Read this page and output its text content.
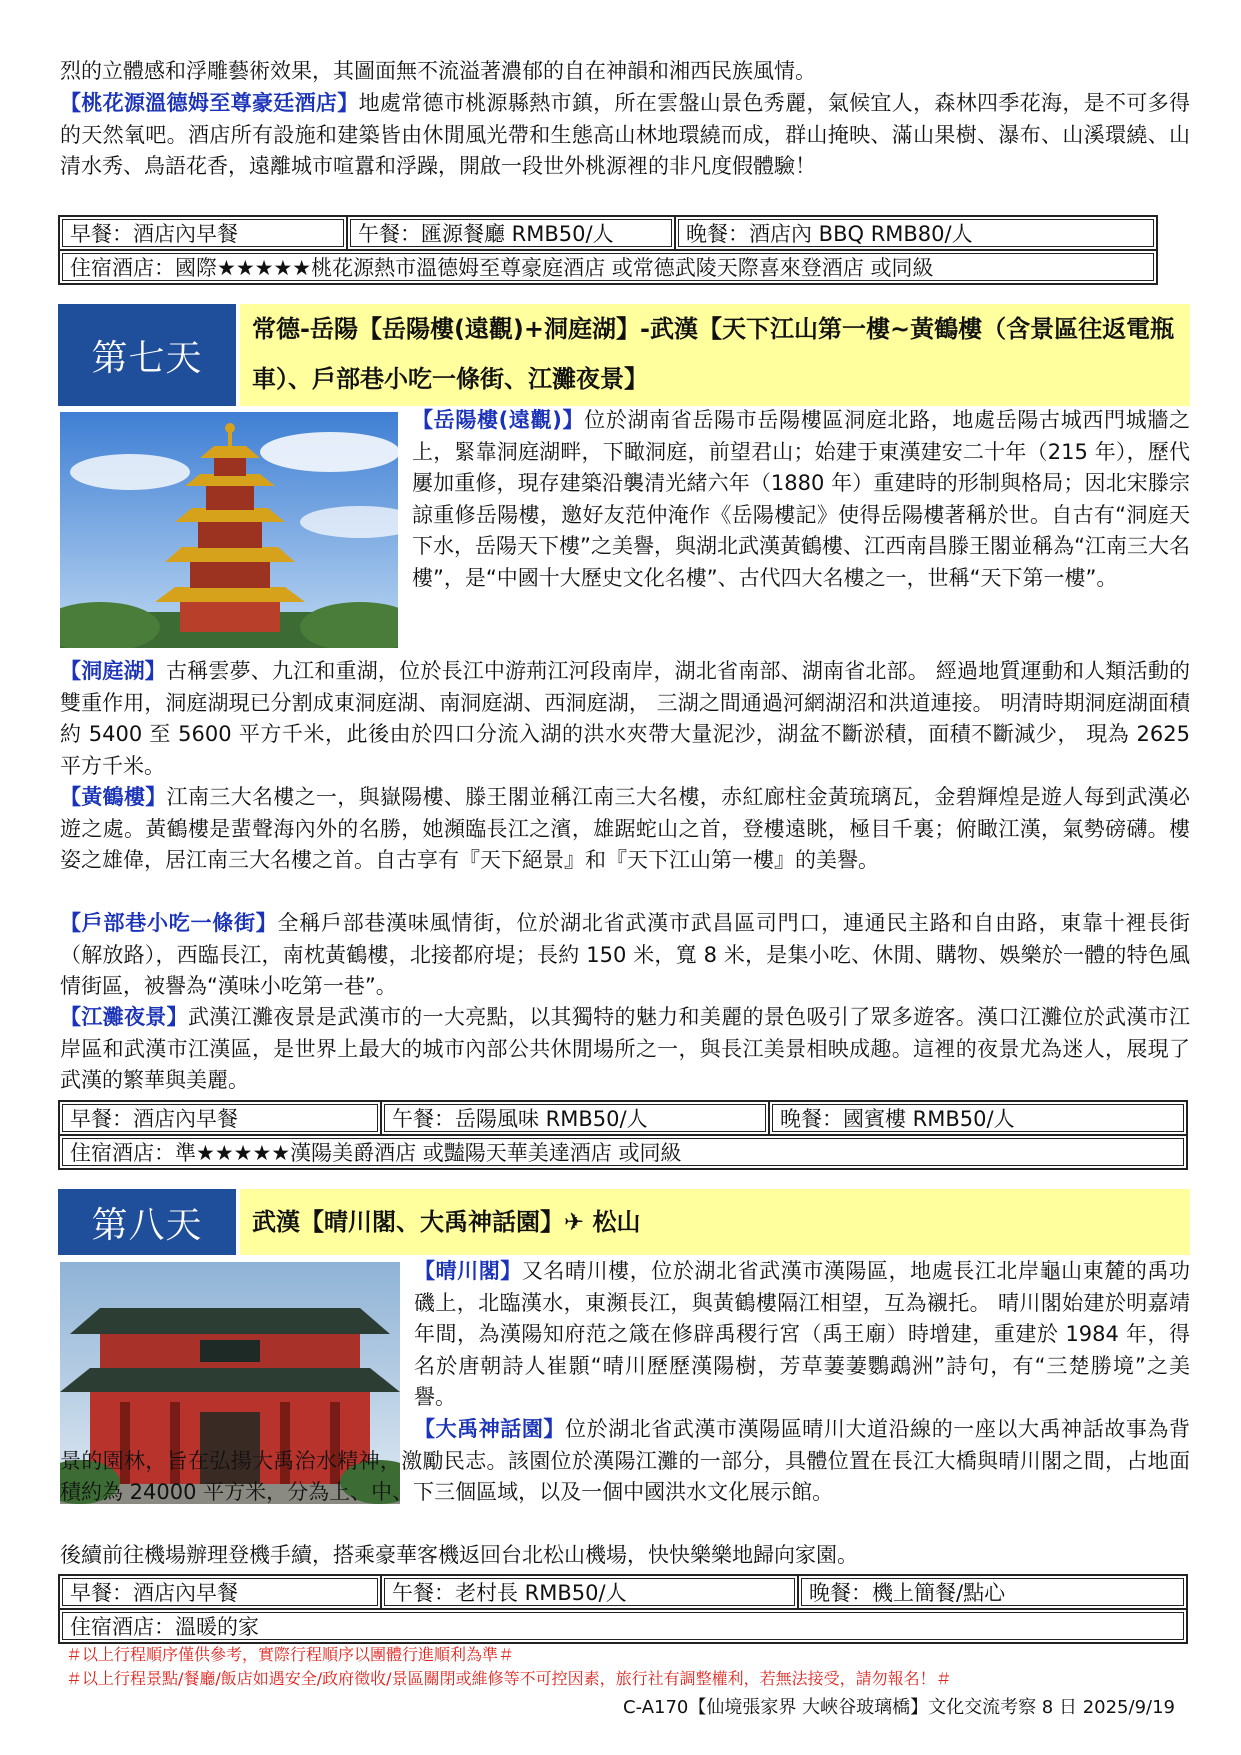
烈的立體感和浮雕藝術效果，其圖面無不流溢著濃郁的自在神韻和湘西民族風情。

【桃花源溫德姆至尊豪廷酒店】地處常德市桃源縣熱市鎮，所在雲盤山景色秀麗，氣候宜人，森林四季花海，是不可多得的天然氧吧。酒店所有設施和建築皆由休閒風光帶和生態高山林地環繞而成，群山掩映、滿山果樹、瀑布、山溪環繞、山清水秀、鳥語花香，遠離城市喧囂和浮躁，開啟一段世外桃源裡的非凡度假體驗！

早餐：酒店內早餐	午餐：匯源餐廳 RMB50/人	晚餐：酒店內 BBQ RMB80/人
住宿酒店：國際★★★★★桃花源熱市溫德姆至尊豪庭酒店 或常德武陵天際喜來登酒店 或同級
第七天
常德-岳陽【岳陽樓(遠觀)+洞庭湖】-武漢【天下江山第一樓~黃鶴樓（含景區往返電瓶車）、戶部巷小吃一條街、江灘夜景】

【岳陽樓(遠觀)】位於湖南省岳陽市岳陽樓區洞庭北路，地處岳陽古城西門城牆之上，緊靠洞庭湖畔，下瞰洞庭，前望君山；始建于東漢建安二十年（215 年），歷代屢加重修，現存建築沿襲清光緒六年（1880 年）重建時的形制與格局；因北宋滕宗諒重修岳陽樓，邀好友范仲淹作《岳陽樓記》使得岳陽樓著稱於世。自古有“洞庭天下水，岳陽天下樓”之美譽，與湖北武漢黃鶴樓、江西南昌滕王閣並稱為“江南三大名樓”，是“中國十大歷史文化名樓”、古代四大名樓之一，世稱“天下第一樓”。

【洞庭湖】古稱雲夢、九江和重湖，位於長江中游荊江河段南岸，湖北省南部、湖南省北部。 經過地質運動和人類活動的雙重作用，洞庭湖現已分割成東洞庭湖、南洞庭湖、西洞庭湖， 三湖之間通過河網湖沼和洪道連接。 明清時期洞庭湖面積約 5400 至 5600 平方千米，此後由於四口分流入湖的洪水夾帶大量泥沙，湖盆不斷淤積，面積不斷減少， 現為 2625 平方千米。

【黃鶴樓】江南三大名樓之一，與嶽陽樓、滕王閣並稱江南三大名樓，赤紅廊柱金黃琉璃瓦，金碧輝煌是遊人每到武漢必遊之處。黃鶴樓是蜚聲海內外的名勝，她瀕臨長江之濱，雄踞蛇山之首，登樓遠眺，極目千裏；俯瞰江漢，氣勢磅礴。樓姿之雄偉，居江南三大名樓之首。自古享有『天下絕景』和『天下江山第一樓』的美譽。

【戶部巷小吃一條街】全稱戶部巷漢味風情街，位於湖北省武漢市武昌區司門口，連通民主路和自由路，東靠十裡長街（解放路），西臨長江，南枕黃鶴樓，北接都府堤；長約 150 米，寬 8 米，是集小吃、休閒、購物、娛樂於一體的特色風情街區，被譽為“漢味小吃第一巷”。

【江灘夜景】武漢江灘夜景是武漢市的一大亮點，以其獨特的魅力和美麗的景色吸引了眾多遊客。漢口江灘位於武漢市江岸區和武漢市江漢區，是世界上最大的城市內部公共休閒場所之一，與長江美景相映成趣。這裡的夜景尤為迷人，展現了武漢的繁華與美麗。

早餐：酒店內早餐	午餐：岳陽風味 RMB50/人	晚餐：國賓樓 RMB50/人
住宿酒店：準★★★★★漢陽美爵酒店 或豔陽天華美達酒店 或同級
第八天	武漢【晴川閣、大禹神話園】✈ 松山

【晴川閣】又名晴川樓，位於湖北省武漢市漢陽區，地處長江北岸龜山東麓的禹功磯上，北臨漢水，東瀕長江，與黃鶴樓隔江相望，互為襯托。 晴川閣始建於明嘉靖年間，為漢陽知府范之箴在修辟禹稷行宮（禹王廟）時增建，重建於 1984 年，得名於唐朝詩人崔顥“晴川歷歷漢陽樹，芳草萋萋鸚鵡洲”詩句，有“三楚勝境”之美譽。

【大禹神話園】位於湖北省武漢市漢陽區晴川大道沿線的一座以大禹神話故事為背景的園林，旨在弘揚大禹治水精神，激勵民志。該園位於漢陽江灘的一部分，具體位置在長江大橋與晴川閣之間，占地面積約為 24000 平方米，分為上、中、下三個區域，以及一個中國洪水文化展示館。

後續前往機場辦理登機手續，搭乘豪華客機返回台北松山機場，快快樂樂地歸向家園。

早餐：酒店內早餐	午餐：老村長 RMB50/人	晚餐：機上簡餐/點心
住宿酒店：溫暖的家
＃以上行程順序僅供參考，實際行程順序以團體行進順利為準＃
＃以上行程景點/餐廳/飯店如遇安全/政府徵收/景區關閉或維修等不可控因素，旅行社有調整權利，若無法接受，請勿報名！＃
C-A170【仙境張家界 大峽谷玻璃橋】文化交流考察 8 日 2025/9/19
